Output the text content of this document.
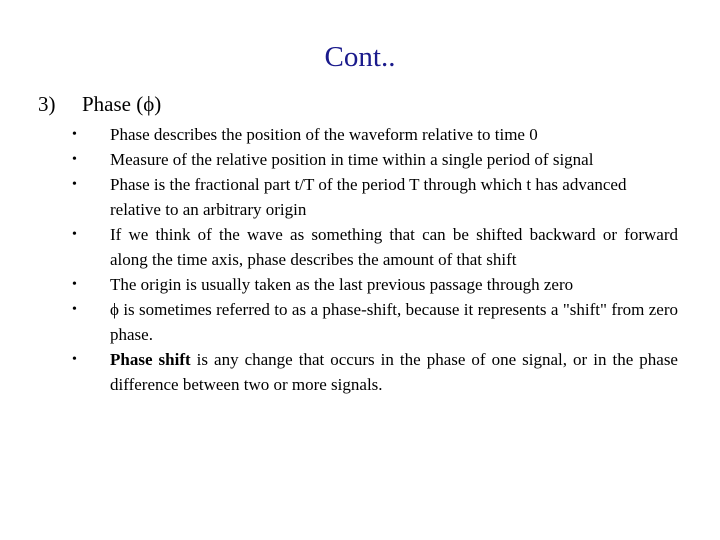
Cont..
3) Phase (ϕ)
• Phase describes the position of the waveform relative to time 0
• Measure of the relative position in time within a single period of signal
• Phase is the fractional part t/T of the period T through which t has advanced relative to an arbitrary origin
• If we think of the wave as something that can be shifted backward or forward along the time axis, phase describes the amount of that shift
• The origin is usually taken as the last previous passage through zero
• ϕ is sometimes referred to as a phase-shift, because it represents a "shift" from zero phase.
• Phase shift is any change that occurs in the phase of one signal, or in the phase difference between two or more signals.
